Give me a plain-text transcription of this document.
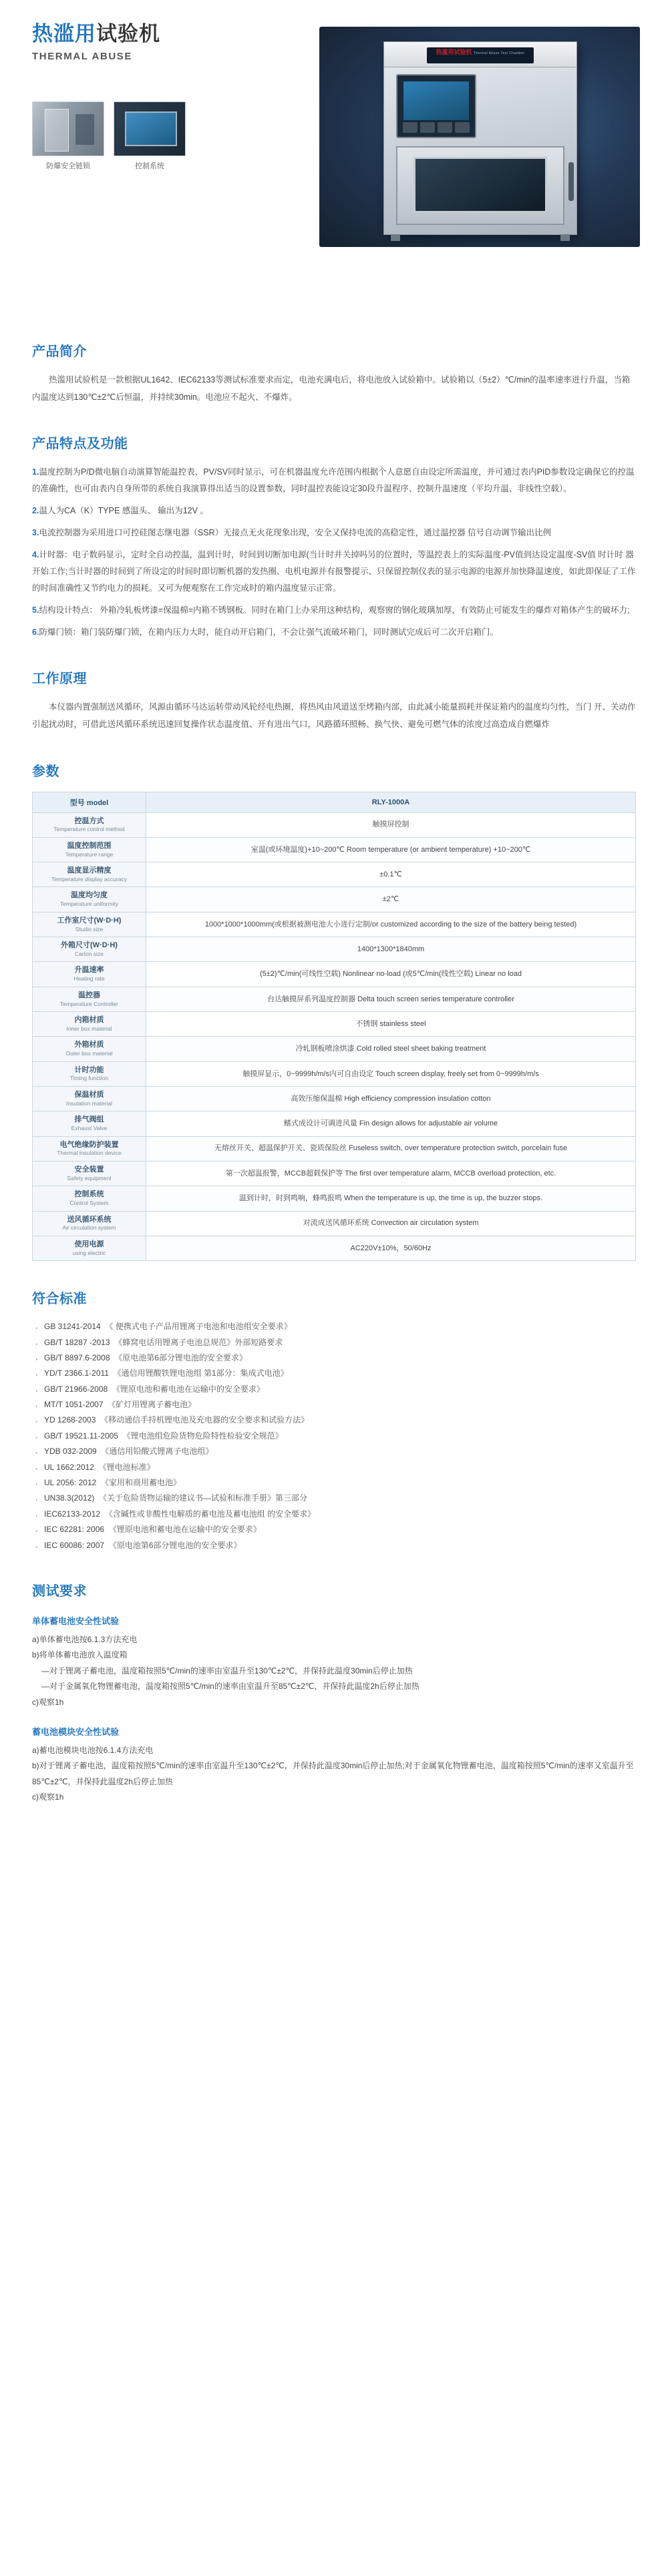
热滥用试验机
THERMAL ABUSE
防爆安全链锁	控制系统
热滥用试验机 Thermal Abuse Test Chamber
产品简介

热滥用试验机是一款根据UL1642、IEC62133等测试标准要求而定，电池充满电后，将电池放入试验箱中。试验箱以（5±2）℃/min的温率速率进行升温，当箱内温度达到130℃±2℃后恒温，并持续30min。电池应不起火、不爆炸。

产品特点及功能
1.温度控制为P/D微电脑自动演算智能温控表，PV/SV同时显示，可在机器温度允许范围内根据个人意愿自由设定所需温度，并可通过表内PID参数设定确保它的控温的准确性，也可由表内自身所带的系统自我演算得出适当的设置参数，同时温控表能设定30段升温程序、控制升温速度（平均升温、非线性空载）。
2.温人为CA（K）TYPE 感温头、 输出为12V 。
3.电流控制器为采用进口可控硅图志继电器（SSR）无接点无火花现象出现，安全又保持电流的高稳定性，通过温控器 信号自动调节输出比例
4.计时器：电子数码显示，定时全自动控温，温到计时，时间到切断加电源(当计时并关掉吗另的位置时，等温控表上的实际温度-PV值到达设定温度-SV值 时计时 器开始工作;当计时器的时间到了所设定的时间时即切断机器的发热圈、电机电源并有报警提示、只保留控制仪表的显示电源的电源并加快降温速度，如此即保证了工作的时间准确性又节约电力的损耗。又可为便观察在工作完成时的箱内温度显示正常。
5.结构设计特点： 外箱冷轧板烤漆=保温棉=内箱不锈钢板。同时在箱门上办采用这种结构，观察窗的钢化玻璃加厚，有效防止可能发生的爆炸对箱体产生的破坏力;
6.防爆门锁：箱门装防爆门锁，在箱内压力大时，能自动开启箱门，不会让强气流破坏箱门，同时测试完成后可二次开启箱门。
工作原理

本仪器内置强制送风循环，风源由循环马达运转带动风轮经电热圈，将热风由风道送至烤箱内部，由此减小能量损耗并保证箱内的温度均匀性，当门 开、关动作引起扰动时，可借此送风循环系统迅速回复操作状态温度值、开有进出气口，风路循环照畅、换气快、避免可燃气体的浓度过高造成自燃爆炸

参数
型号 model	RLY-1000A

控温方式
Temperature control method	触摸屏控制

温度控制范围
Temperature range	室温(或环境温度)+10~200℃ Room temperature (or ambient temperature) +10~200℃

温度显示精度
Temperature display accuracy	±0.1℃

温度均匀度
Temperature uniformity	±2℃

工作室尺寸(W·D·H)
Studio size	1000*1000*1000mm(或根据被测电池大小进行定制/or customized according to the size of the battery being tested)

外箱尺寸(W·D·H)
Carton size	1400*1300*1840mm

升温速率
Heating rate	(5±2)℃/min(可线性空载) Nonlinear no-load (或5℃/min(线性空载) Linear no load

温控器
Temperature Controller	台达触摸屏系列温度控制器 Delta touch screen series temperature controller

内箱材质
Inner box material	不锈钢 stainless steel

外箱材质
Outer box material	冷轧钢板喷涂烘漆 Cold rolled steel sheet baking treatment

计时功能
Timing function	触摸屏显示，0~9999h/m/s内可自由设定 Touch screen display, freely set from 0~9999h/m/s

保温材质
Insulation material	高效压缩保温棉 High efficiency compression insulation cotton

排气阀组
Exhaust Valve	鳍式成设计可调进风量 Fin design allows for adjustable air volume

电气绝缘防护装置
Thermal insulation device	无熔丝开关、超温保护开关、瓷质保险丝 Fuseless switch, over temperature protection switch, porcelain fuse

安全装置
Safety equipment	第一次超温报警，MCCB超载保护等 The first over temperature alarm, MCCB overload protection, etc.

控制系统
Control System	温到计时，时到鸣响，蜂鸣报鸣 When the temperature is up, the time is up, the buzzer stops.

送风循环系统
Air circulation system	对流成送风循环系统 Convection air circulation system

使用电源
using electric	AC220V±10%，50/60Hz
符合标准
· GB 31241-2014 《 便携式电子产品用锂离子电池和电池组安全要求》
· GB/T 18287 -2013 《蜂窝电话用锂离子电池总规范》外部短路要求
· GB/T 8897.6-2008 《原电池第6部分锂电池的安全要求》
· YD/T 2366.1-2011 《通信用锂酸铁锂电池组 第1部分：集成式电池》
· GB/T 21966-2008 《锂原电池和蓄电池在运输中的安全要求》
· MT/T 1051-2007 《矿灯用锂离子蓄电池》
· YD 1268-2003 《移动通信手持机锂电池及充电器的安全要求和试验方法》
· GB/T 19521.11-2005 《锂电池组危险货物危险特性检验安全规范》
· YDB 032-2009 《通信用铅酸式锂离子电池组》
· UL 1662:2012 《锂电池标准》
· UL 2056: 2012 《家用和商用蓄电池》
· UN38.3(2012) 《关于危险货物运输的建议书—试验和标准手册》第三部分
· IEC62133-2012 《含碱性或非酸性电解质的蓄电池及蓄电池组 的安全要求》
· IEC 62281: 2006 《锂原电池和蓄电池在运输中的安全要求》
· IEC 60086: 2007 《原电池第6部分锂电池的安全要求》
测试要求
单体蓄电池安全性试验

a)单体蓄电池按6.1.3方法充电

b)将单体蓄电池放入温度箱

—对于锂离子蓄电池，温度箱按照5℃/min的速率由室温升至130℃±2℃，并保持此温度30min后停止加热

—对于金属氧化物锂蓄电池，温度箱按照5℃/min的速率由室温升至85℃±2℃，并保持此温度2h后停止加热

c)观察1h

蓄电池模块安全性试验

a)蓄电池模块电池按6.1.4方法充电

b)对于锂离子蓄电池，温度箱按照5℃/min的速率由室温升至130℃±2℃，并保持此温度30min后停止加热;对于金属氧化物锂蓄电池，温度箱按照5℃/min的速率又室温升至85℃±2℃，并保持此温度2h后停止加热

c)观察1h
